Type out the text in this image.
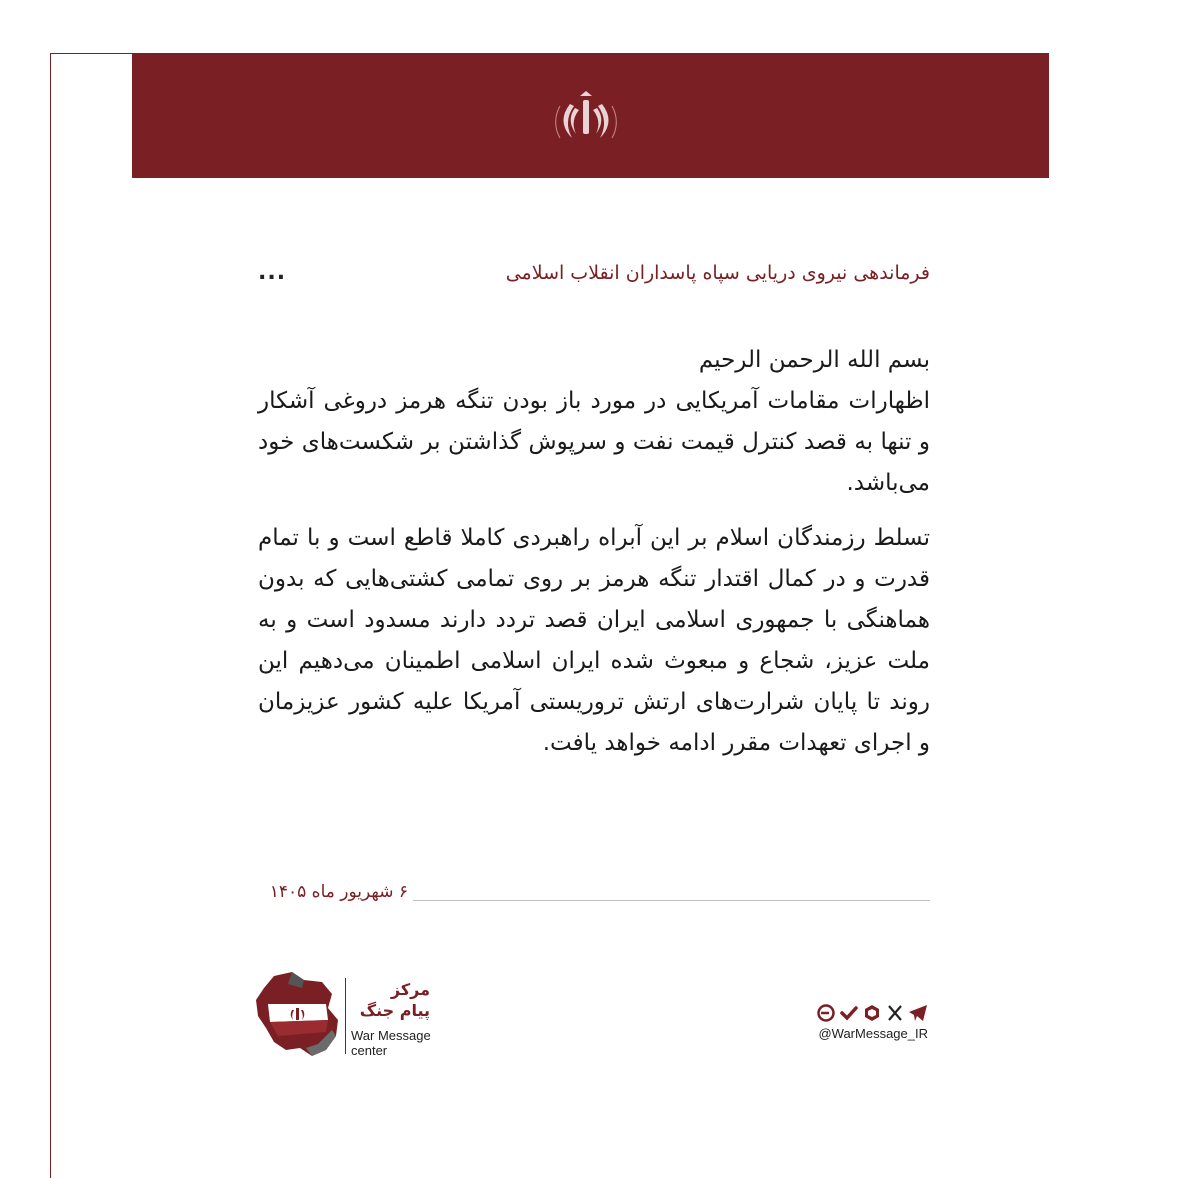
فرماندهی نیروی دریایی سپاه پاسداران انقلاب اسلامی
...

بسم الله الرحمن الرحیم
اظهارات مقامات آمریکایی در مورد باز بودن تنگه هرمز دروغی آشکار و تنها به قصد کنترل قیمت نفت و سرپوش گذاشتن بر شکست‌های خود می‌باشد.

تسلط رزمندگان اسلام بر این آبراه راهبردی کاملا قاطع است و با تمام قدرت و در کمال اقتدار تنگه هرمز بر روی تمامی کشتی‌هایی که بدون هماهنگی با جمهوری اسلامی ایران قصد تردد دارند مسدود است و به ملت عزیز، شجاع و مبعوث شده ایران اسلامی اطمینان می‌دهیم این روند تا پایان شرارت‌های ارتش تروریستی آمریکا علیه کشور عزیزمان و اجرای تعهدات مقرر ادامه خواهد یافت.

۶ شهریور ماه ۱۴۰۵
مرکز
پیام جنگ
War Message
center
@WarMessage_IR
